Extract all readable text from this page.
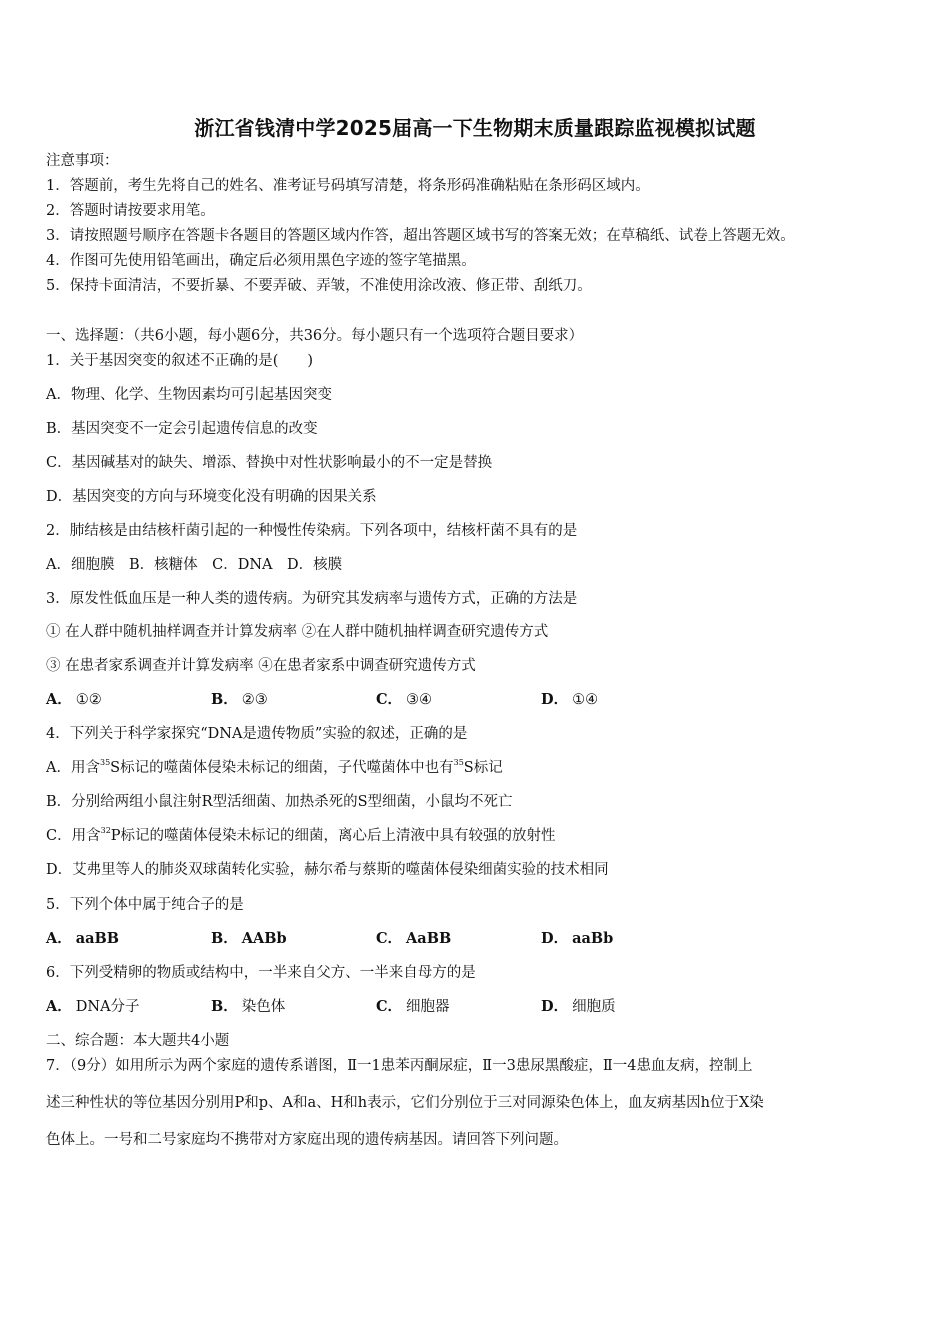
浙江省钱清中学2025届高一下生物期末质量跟踪监视模拟试题
注意事项：
1．答题前，考生先将自己的姓名、准考证号码填写清楚，将条形码准确粘贴在条形码区域内。
2．答题时请按要求用笔。
3．请按照题号顺序在答题卡各题目的答题区域内作答，超出答题区域书写的答案无效；在草稿纸、试卷上答题无效。
4．作图可先使用铅笔画出，确定后必须用黑色字迹的签字笔描黑。
5．保持卡面清洁，不要折暴、不要弄破、弄皱，不准使用涂改液、修正带、刮纸刀。
一、选择题：（共6小题，每小题6分，共36分。每小题只有一个选项符合题目要求）
1．关于基因突变的叙述不正确的是(　　)
A．物理、化学、生物因素均可引起基因突变
B．基因突变不一定会引起遗传信息的改变
C．基因碱基对的缺失、增添、替换中对性状影响最小的不一定是替换
D．基因突变的方向与环境变化没有明确的因果关系
2．肺结核是由结核杆菌引起的一种慢性传染病。下列各项中，结核杆菌不具有的是
A．细胞膜　B．核糖体　C．DNA　D．核膜
3．原发性低血压是一种人类的遗传病。为研究其发病率与遗传方式，正确的方法是
① 在人群中随机抽样调查并计算发病率 ②在人群中随机抽样调查研究遗传方式
③ 在患者家系调查并计算发病率 ④在患者家系中调查研究遗传方式
A． ①②	B． ②③	C． ③④	D． ①④
4．下列关于科学家探究“DNA是遗传物质”实验的叙述，正确的是
A．用含$^{35}$S标记的噬菌体侵染未标记的细菌，子代噬菌体中也有$^{35}$S标记
B．分别给两组小鼠注射R型活细菌、加热杀死的S型细菌，小鼠均不死亡
C．用含$^{32}$P标记的噬菌体侵染未标记的细菌，离心后上清液中具有较强的放射性
D．艾弗里等人的肺炎双球菌转化实验，赫尔希与蔡斯的噬菌体侵染细菌实验的技术相同
5．下列个体中属于纯合子的是
A． aaBB	B． AABb	C． AaBB	D． aaBb
6．下列受精卵的物质或结构中，一半来自父方、一半来自母方的是
A． DNA分子	B． 染色体	C． 细胞器	D． 细胞质
二、综合题：本大题共4小题
7．（9分）如用所示为两个家庭的遗传系谱图，Ⅱ一1患苯丙酮尿症，Ⅱ一3患尿黑酸症，Ⅱ一4患血友病，控制上
述三种性状的等位基因分别用P和p、A和a、H和h表示，它们分别位于三对同源染色体上，血友病基因h位于X染
色体上。一号和二号家庭均不携带对方家庭出现的遗传病基因。请回答下列问题。
